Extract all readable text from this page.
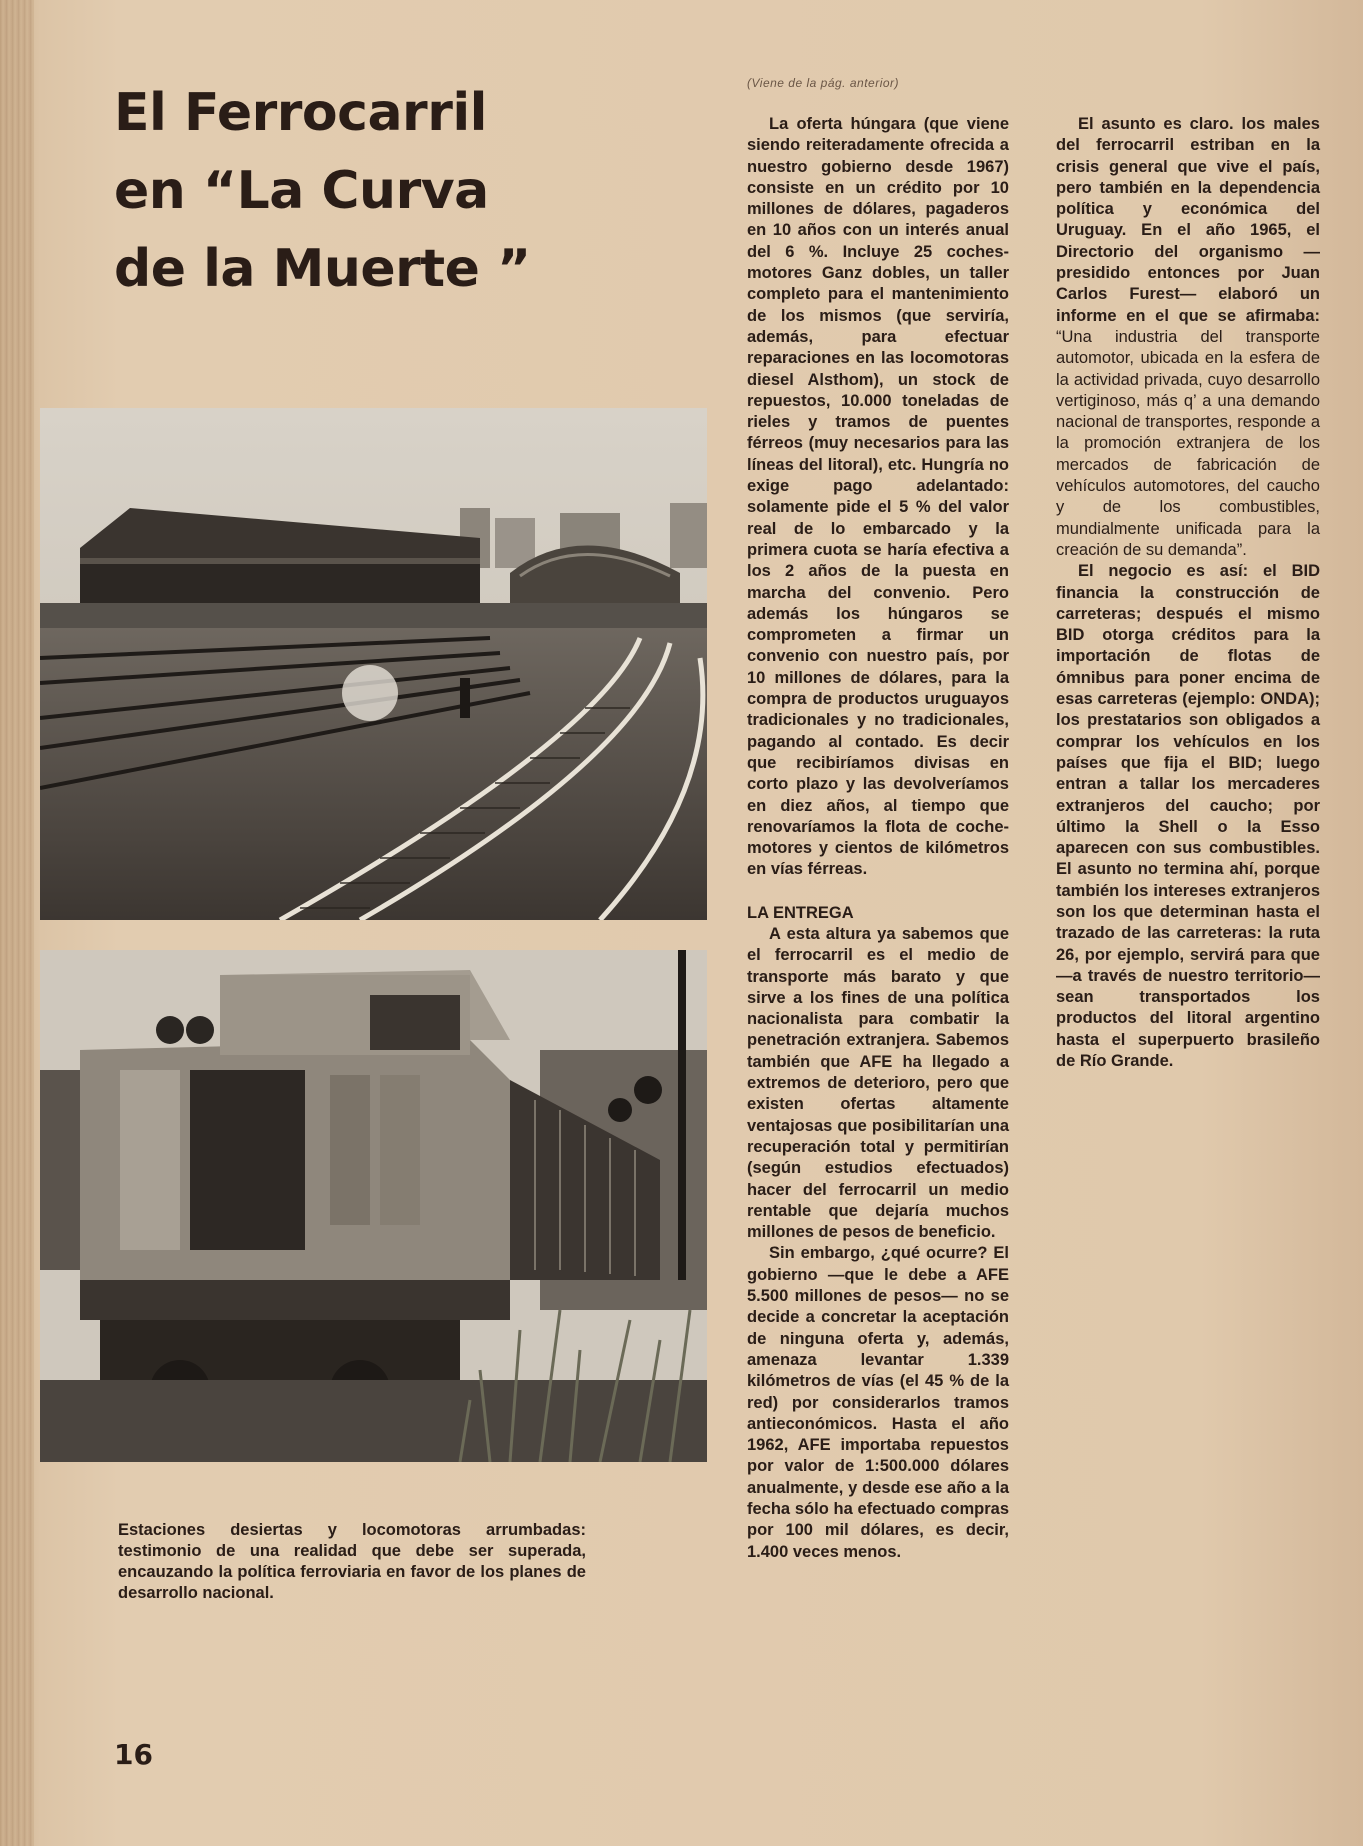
El Ferrocarril
en “La Curva
de la Muerte ”
(Viene de la pág. anterior)
Estaciones desiertas y locomotoras arrumbadas: testimonio de una realidad que debe ser superada, encauzando la política ferroviaria en favor de los planes de desarrollo nacional.
16

La oferta húngara (que viene siendo reiteradamente ofrecida a nuestro gobierno desde 1967) consiste en un crédito por 10 millones de dólares, pagaderos en 10 años con un interés anual del 6 %. Incluye 25 coches-motores Ganz dobles, un taller completo para el mantenimiento de los mismos (que serviría, además, para efectuar reparaciones en las locomotoras diesel Alsthom), un stock de repuestos, 10.000 toneladas de rieles y tramos de puentes férreos (muy necesarios para las líneas del litoral), etc. Hungría no exige pago adelantado: solamente pide el 5 % del valor real de lo embarcado y la primera cuota se haría efectiva a los 2 años de la puesta en marcha del convenio. Pero además los húngaros se comprometen a firmar un convenio con nuestro país, por 10 millones de dólares, para la compra de productos uruguayos tradicionales y no tradicionales, pagando al contado. Es decir que recibiríamos divisas en corto plazo y las devolveríamos en diez años, al tiempo que renovaríamos la flota de coche-motores y cientos de kilómetros en vías férreas.

LA ENTREGA

A esta altura ya sabemos que el ferrocarril es el medio de transporte más barato y que sirve a los fines de una política nacionalista para combatir la penetración extranjera. Sabemos también que AFE ha llegado a extremos de deterioro, pero que existen ofertas altamente ventajosas que posibilitarían una recuperación total y permitirían (según estudios efectuados) hacer del ferrocarril un medio rentable que dejaría muchos millones de pesos de beneficio.

Sin embargo, ¿qué ocurre? El gobierno —que le debe a AFE 5.500 millones de pesos— no se decide a concretar la aceptación de ninguna oferta y, además, amenaza levantar 1.339 kilómetros de vías (el 45 % de la red) por considerarlos tramos antieconómicos. Hasta el año 1962, AFE importaba repuestos por valor de 1:500.000 dólares anualmente, y desde ese año a la fecha sólo ha efectuado compras por 100 mil dólares, es decir, 1.400 veces menos.

El asunto es claro. los males del ferrocarril estriban en la crisis general que vive el país, pero también en la dependencia política y económica del Uruguay. En el año 1965, el Directorio del organismo —presidido entonces por Juan Carlos Furest— elaboró un informe en el que se afirmaba: “Una industria del transporte automotor, ubicada en la esfera de la actividad privada, cuyo desarrollo vertiginoso, más q’ a una demando nacional de transportes, responde a la promoción extranjera de los mercados de fabricación de vehículos automotores, del caucho y de los combustibles, mundialmente unificada para la creación de su demanda”.

El negocio es así: el BID financia la construcción de carreteras; después el mismo BID otorga créditos para la importación de flotas de ómnibus para poner encima de esas carreteras (ejemplo: ONDA); los prestatarios son obligados a comprar los vehículos en los países que fija el BID; luego entran a tallar los mercaderes extranjeros del caucho; por último la Shell o la Esso aparecen con sus combustibles. El asunto no termina ahí, porque también los intereses extranjeros son los que determinan hasta el trazado de las carreteras: la ruta 26, por ejemplo, servirá para que —a través de nuestro territorio— sean transportados los productos del litoral argentino hasta el superpuerto brasileño de Río Grande.
